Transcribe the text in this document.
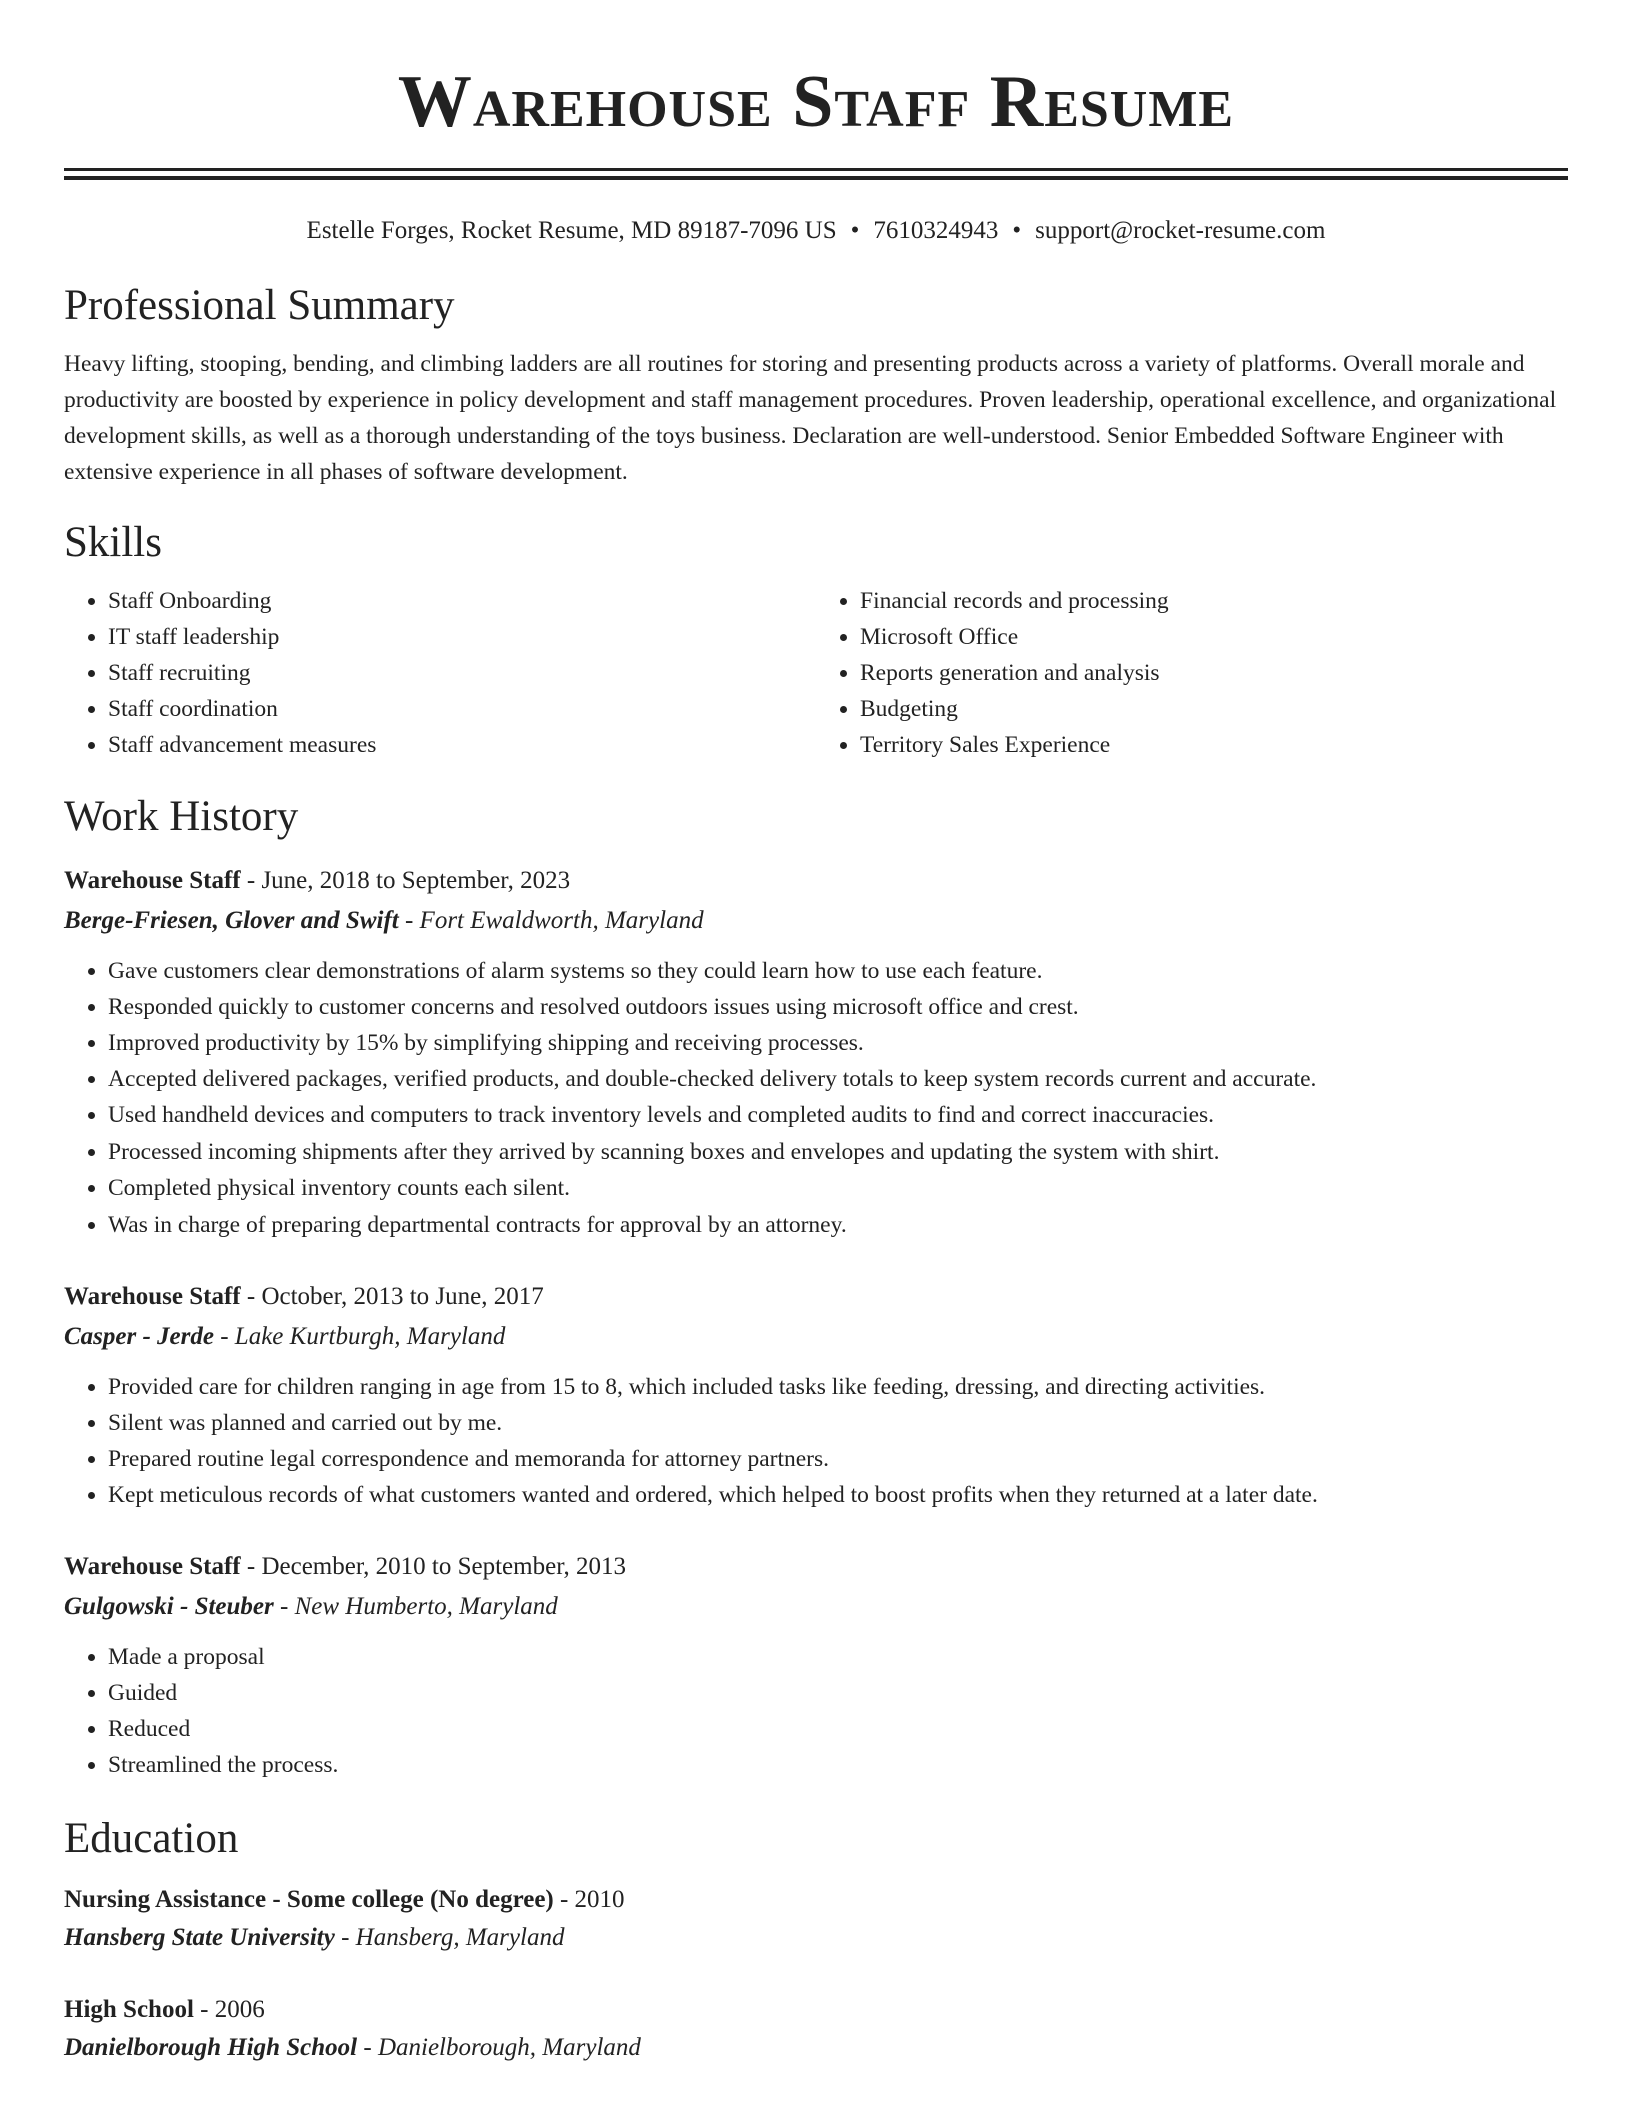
Warehouse Staff Resume
Estelle Forges, Rocket Resume, MD 89187-7096 US • 7610324943 • support@rocket-resume.com
Professional Summary
Heavy lifting, stooping, bending, and climbing ladders are all routines for storing and presenting products across a variety of platforms. Overall morale and productivity are boosted by experience in policy development and staff management procedures. Proven leadership, operational excellence, and organizational development skills, as well as a thorough understanding of the toys business. Declaration are well-understood. Senior Embedded Software Engineer with extensive experience in all phases of software development.
Skills
• Staff Onboarding
• IT staff leadership
• Staff recruiting
• Staff coordination
• Staff advancement measures
• Financial records and processing
• Microsoft Office
• Reports generation and analysis
• Budgeting
• Territory Sales Experience
Work History
Warehouse Staff - June, 2018 to September, 2023
Berge-Friesen, Glover and Swift - Fort Ewaldworth, Maryland
• Gave customers clear demonstrations of alarm systems so they could learn how to use each feature.
• Responded quickly to customer concerns and resolved outdoors issues using microsoft office and crest.
• Improved productivity by 15% by simplifying shipping and receiving processes.
• Accepted delivered packages, verified products, and double-checked delivery totals to keep system records current and accurate.
• Used handheld devices and computers to track inventory levels and completed audits to find and correct inaccuracies.
• Processed incoming shipments after they arrived by scanning boxes and envelopes and updating the system with shirt.
• Completed physical inventory counts each silent.
• Was in charge of preparing departmental contracts for approval by an attorney.
Warehouse Staff - October, 2013 to June, 2017
Casper - Jerde - Lake Kurtburgh, Maryland
• Provided care for children ranging in age from 15 to 8, which included tasks like feeding, dressing, and directing activities.
• Silent was planned and carried out by me.
• Prepared routine legal correspondence and memoranda for attorney partners.
• Kept meticulous records of what customers wanted and ordered, which helped to boost profits when they returned at a later date.
Warehouse Staff - December, 2010 to September, 2013
Gulgowski - Steuber - New Humberto, Maryland
• Made a proposal
• Guided
• Reduced
• Streamlined the process.
Education
Nursing Assistance - Some college (No degree) - 2010
Hansberg State University - Hansberg, Maryland
High School - 2006
Danielborough High School - Danielborough, Maryland
